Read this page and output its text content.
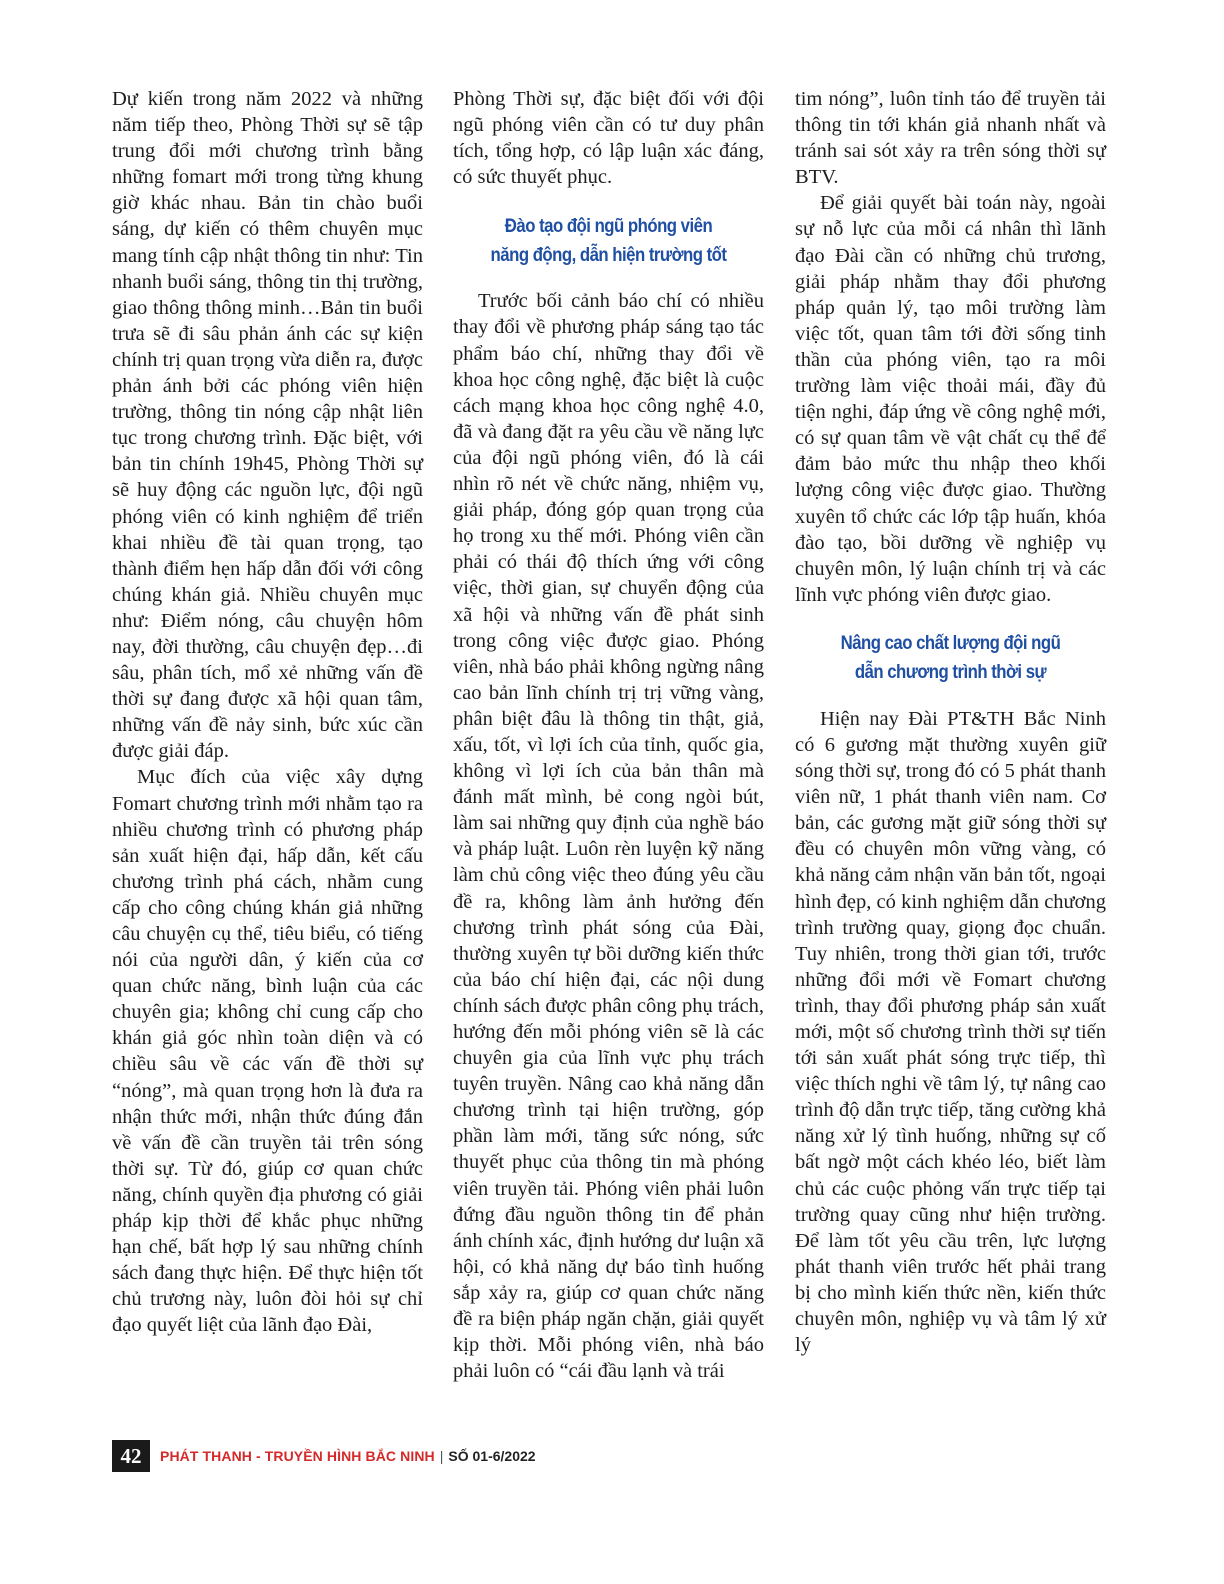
Dự kiến trong năm 2022 và những năm tiếp theo, Phòng Thời sự sẽ tập trung đổi mới chương trình bằng những fomart mới trong từng khung giờ khác nhau. Bản tin chào buổi sáng, dự kiến có thêm chuyên mục mang tính cập nhật thông tin như: Tin nhanh buổi sáng, thông tin thị trường, giao thông thông minh…Bản tin buổi trưa sẽ đi sâu phản ánh các sự kiện chính trị quan trọng vừa diễn ra, được phản ánh bởi các phóng viên hiện trường, thông tin nóng cập nhật liên tục trong chương trình. Đặc biệt, với bản tin chính 19h45, Phòng Thời sự sẽ huy động các nguồn lực, đội ngũ phóng viên có kinh nghiệm để triển khai nhiều đề tài quan trọng, tạo thành điểm hẹn hấp dẫn đối với công chúng khán giả. Nhiều chuyên mục như: Điểm nóng, câu chuyện hôm nay, đời thường, câu chuyện đẹp…đi sâu, phân tích, mổ xẻ những vấn đề thời sự đang được xã hội quan tâm, những vấn đề nảy sinh, bức xúc cần được giải đáp.

Mục đích của việc xây dựng Fomart chương trình mới nhằm tạo ra nhiều chương trình có phương pháp sản xuất hiện đại, hấp dẫn, kết cấu chương trình phá cách, nhằm cung cấp cho công chúng khán giả những câu chuyện cụ thể, tiêu biểu, có tiếng nói của người dân, ý kiến của cơ quan chức năng, bình luận của các chuyên gia; không chỉ cung cấp cho khán giả góc nhìn toàn diện và có chiều sâu về các vấn đề thời sự “nóng”, mà quan trọng hơn là đưa ra nhận thức mới, nhận thức đúng đắn về vấn đề cần truyền tải trên sóng thời sự. Từ đó, giúp cơ quan chức năng, chính quyền địa phương có giải pháp kịp thời để khắc phục những hạn chế, bất hợp lý sau những chính sách đang thực hiện. Để thực hiện tốt chủ trương này, luôn đòi hỏi sự chỉ đạo quyết liệt của lãnh đạo Đài,

Phòng Thời sự, đặc biệt đối với đội ngũ phóng viên cần có tư duy phân tích, tổng hợp, có lập luận xác đáng, có sức thuyết phục.

Đào tạo đội ngũ phóng viên
năng động, dẫn hiện trường tốt

Trước bối cảnh báo chí có nhiều thay đổi về phương pháp sáng tạo tác phẩm báo chí, những thay đổi về khoa học công nghệ, đặc biệt là cuộc cách mạng khoa học công nghệ 4.0, đã và đang đặt ra yêu cầu về năng lực của đội ngũ phóng viên, đó là cái nhìn rõ nét về chức năng, nhiệm vụ, giải pháp, đóng góp quan trọng của họ trong xu thế mới. Phóng viên cần phải có thái độ thích ứng với công việc, thời gian, sự chuyển động của xã hội và những vấn đề phát sinh trong công việc được giao. Phóng viên, nhà báo phải không ngừng nâng cao bản lĩnh chính trị trị vững vàng, phân biệt đâu là thông tin thật, giả, xấu, tốt, vì lợi ích của tỉnh, quốc gia, không vì lợi ích của bản thân mà đánh mất mình, bẻ cong ngòi bút, làm sai những quy định của nghề báo và pháp luật. Luôn rèn luyện kỹ năng làm chủ công việc theo đúng yêu cầu đề ra, không làm ảnh hưởng đến chương trình phát sóng của Đài, thường xuyên tự bồi dưỡng kiến thức của báo chí hiện đại, các nội dung chính sách được phân công phụ trách, hướng đến mỗi phóng viên sẽ là các chuyên gia của lĩnh vực phụ trách tuyên truyền. Nâng cao khả năng dẫn chương trình tại hiện trường, góp phần làm mới, tăng sức nóng, sức thuyết phục của thông tin mà phóng viên truyền tải. Phóng viên phải luôn đứng đầu nguồn thông tin để phản ánh chính xác, định hướng dư luận xã hội, có khả năng dự báo tình huống sắp xảy ra, giúp cơ quan chức năng đề ra biện pháp ngăn chặn, giải quyết kịp thời. Mỗi phóng viên, nhà báo phải luôn có “cái đầu lạnh và trái

tim nóng”, luôn tỉnh táo để truyền tải thông tin tới khán giả nhanh nhất và tránh sai sót xảy ra trên sóng thời sự BTV.

Để giải quyết bài toán này, ngoài sự nỗ lực của mỗi cá nhân thì lãnh đạo Đài cần có những chủ trương, giải pháp nhằm thay đổi phương pháp quản lý, tạo môi trường làm việc tốt, quan tâm tới đời sống tinh thần của phóng viên, tạo ra môi trường làm việc thoải mái, đầy đủ tiện nghi, đáp ứng về công nghệ mới, có sự quan tâm về vật chất cụ thể để đảm bảo mức thu nhập theo khối lượng công việc được giao. Thường xuyên tổ chức các lớp tập huấn, khóa đào tạo, bồi dưỡng về nghiệp vụ chuyên môn, lý luận chính trị và các lĩnh vực phóng viên được giao.

Nâng cao chất lượng đội ngũ
dẫn chương trình thời sự

Hiện nay Đài PT&TH Bắc Ninh có 6 gương mặt thường xuyên giữ sóng thời sự, trong đó có 5 phát thanh viên nữ, 1 phát thanh viên nam. Cơ bản, các gương mặt giữ sóng thời sự đều có chuyên môn vững vàng, có khả năng cảm nhận văn bản tốt, ngoại hình đẹp, có kinh nghiệm dẫn chương trình trường quay, giọng đọc chuẩn. Tuy nhiên, trong thời gian tới, trước những đổi mới về Fomart chương trình, thay đổi phương pháp sản xuất mới, một số chương trình thời sự tiến tới sản xuất phát sóng trực tiếp, thì việc thích nghi về tâm lý, tự nâng cao trình độ dẫn trực tiếp, tăng cường khả năng xử lý tình huống, những sự cố bất ngờ một cách khéo léo, biết làm chủ các cuộc phỏng vấn trực tiếp tại trường quay cũng như hiện trường. Để làm tốt yêu cầu trên, lực lượng phát thanh viên trước hết phải trang bị cho mình kiến thức nền, kiến thức chuyên môn, nghiệp vụ và tâm lý xử lý

42	PHÁT THANH - TRUYỀN HÌNH BẮC NINH | SỐ 01-6/2022
